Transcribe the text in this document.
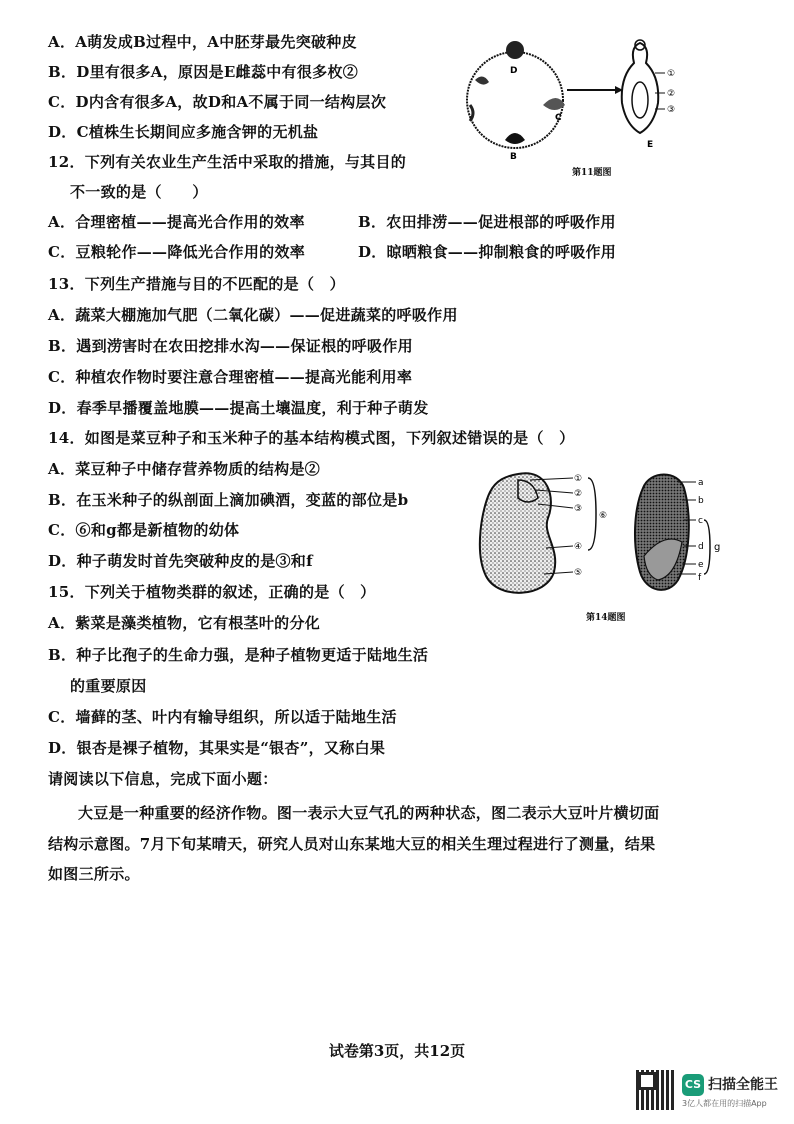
A．A萌发成B过程中，A中胚芽最先突破种皮
B．D里有很多A，原因是E雌蕊中有很多枚②
C．D内含有很多A，故D和A不属于同一结构层次
D．C植株生长期间应多施含钾的无机盐
D
C
B
①
②
③
E
第11题图
12．下列有关农业生产生活中采取的措施，与其目的
不一致的是（　　）
A．合理密植——提高光合作用的效率	B．农田排涝——促进根部的呼吸作用
C．豆粮轮作——降低光合作用的效率	D．晾晒粮食——抑制粮食的呼吸作用
13．下列生产措施与目的不匹配的是（　）
A．蔬菜大棚施加气肥（二氧化碳）——促进蔬菜的呼吸作用
B．遇到涝害时在农田挖排水沟——保证根的呼吸作用
C．种植农作物时要注意合理密植——提高光能利用率
D．春季早播覆盖地膜——提高土壤温度，利于种子萌发
14．如图是菜豆种子和玉米种子的基本结构模式图，下列叙述错误的是（　）
A．菜豆种子中储存营养物质的结构是②
B．在玉米种子的纵剖面上滴加碘酒，变蓝的部位是b
C．⑥和g都是新植物的幼体
D．种子萌发时首先突破种皮的是③和f
①
②
③
④
⑤
⑥
a
b
c
d
e
f
g
第14题图
15．下列关于植物类群的叙述，正确的是（　）
A．紫菜是藻类植物，它有根茎叶的分化
B．种子比孢子的生命力强，是种子植物更适于陆地生活
的重要原因
C．墙藓的茎、叶内有输导组织，所以适于陆地生活
D．银杏是裸子植物，其果实是“银杏”，又称白果
请阅读以下信息，完成下面小题：
大豆是一种重要的经济作物。图一表示大豆气孔的两种状态，图二表示大豆叶片横切面
结构示意图。7月下旬某晴天，研究人员对山东某地大豆的相关生理过程进行了测量，结果
如图三所示。
试卷第3页，共12页
CS 扫描全能王
3亿人都在用的扫描App
